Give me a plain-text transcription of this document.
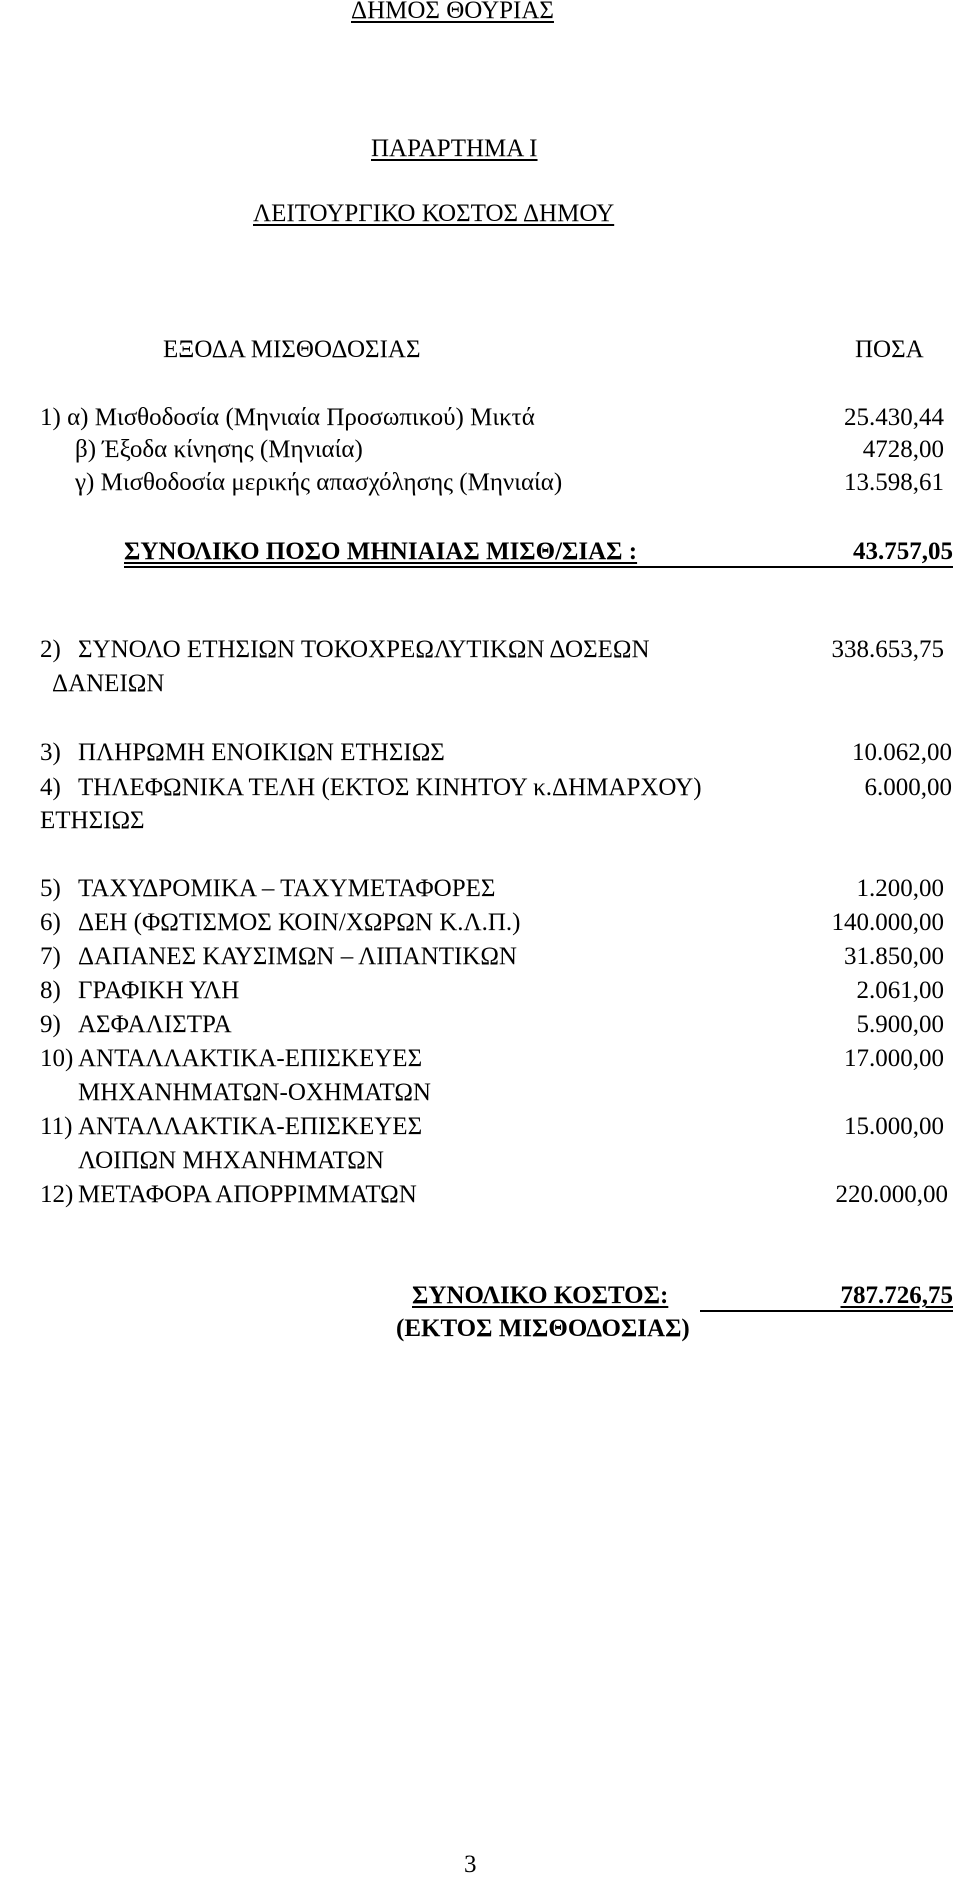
ΔΗΜΟΣ ΘΟΥΡΙΑΣ
ΠΑΡΑΡΤΗΜΑ Ι
ΛΕΙΤΟΥΡΓΙΚΟ ΚΟΣΤΟΣ ΔΗΜΟΥ
ΕΞΟΔΑ ΜΙΣΘΟΔΟΣΙΑΣ	ΠΟΣΑ
1) α) Μισθοδοσία (Μηνιαία Προσωπικού) Μικτά	25.430,44
β) Έξοδα κίνησης (Μηνιαία)	4728,00
γ) Μισθοδοσία μερικής απασχόλησης (Μηνιαία)	13.598,61
ΣΥΝΟΛΙΚΟ ΠΟΣΟ ΜΗΝΙΑΙΑΣ ΜΙΣΘ/ΣΙΑΣ :	43.757,05
2) ΣΥΝΟΛΟ ΕΤΗΣΙΩΝ ΤΟΚΟΧΡΕΩΛΥΤΙΚΩΝ ΔΟΣΕΩΝ	338.653,75
ΔΑΝΕΙΩΝ
3) ΠΛΗΡΩΜΗ ΕΝΟΙΚΙΩΝ ΕΤΗΣΙΩΣ	10.062,00
4) ΤΗΛΕΦΩΝΙΚΑ ΤΕΛΗ (ΕΚΤΟΣ ΚΙΝΗΤΟΥ κ.ΔΗΜΑΡΧΟΥ)	6.000,00
ΕΤΗΣΙΩΣ
5) ΤΑΧΥΔΡΟΜΙΚΑ – ΤΑΧΥΜΕΤΑΦΟΡΕΣ	1.200,00
6) ΔΕΗ (ΦΩΤΙΣΜΟΣ ΚΟΙΝ/ΧΩΡΩΝ Κ.Λ.Π.)	140.000,00
7) ΔΑΠΑΝΕΣ ΚΑΥΣΙΜΩΝ – ΛΙΠΑΝΤΙΚΩΝ	31.850,00
8) ΓΡΑΦΙΚΗ ΥΛΗ	2.061,00
9) ΑΣΦΑΛΙΣΤΡΑ	5.900,00
10) ΑΝΤΑΛΛΑΚΤΙΚΑ-ΕΠΙΣΚΕΥΕΣ	17.000,00
ΜΗΧΑΝΗΜΑΤΩΝ-ΟΧΗΜΑΤΩΝ
11) ΑΝΤΑΛΛΑΚΤΙΚΑ-ΕΠΙΣΚΕΥΕΣ	15.000,00
ΛΟΙΠΩΝ ΜΗΧΑΝΗΜΑΤΩΝ
12) ΜΕΤΑΦΟΡΑ ΑΠΟΡΡΙΜΜΑΤΩΝ	220.000,00
ΣΥΝΟΛΙΚΟ ΚΟΣΤΟΣ:	787.726,75
(ΕΚΤΟΣ ΜΙΣΘΟΔΟΣΙΑΣ)
3
